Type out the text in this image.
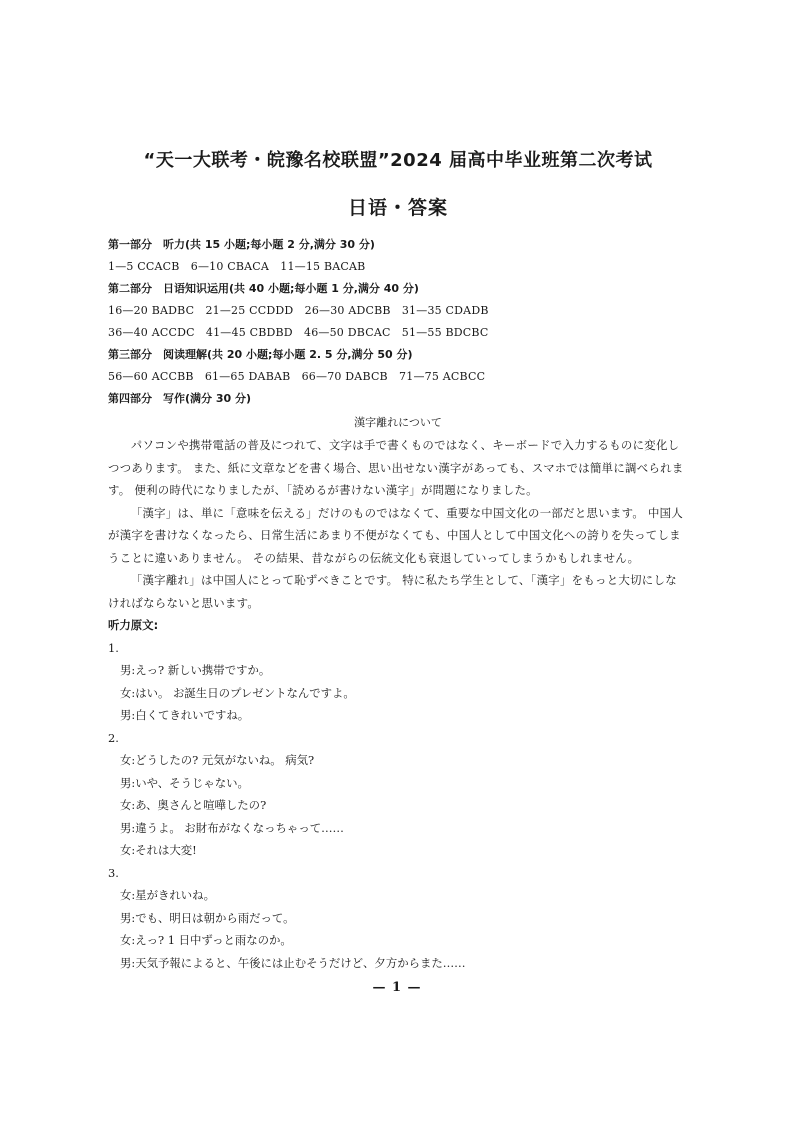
“天一大联考・皖豫名校联盟”2024 届高中毕业班第二次考试
日语・答案
第一部分　听力(共 15 小题;每小题 2 分,满分 30 分)
1—5 CCACB　6—10 CBACA　11—15 BACAB
第二部分　日语知识运用(共 40 小题;每小题 1 分,满分 40 分)
16—20 BADBC　21—25 CCDDD　26—30 ADCBB　31—35 CDADB
36—40 ACCDC　41—45 CBDBD　46—50 DBCAC　51—55 BDCBC
第三部分　阅读理解(共 20 小题;每小题 2. 5 分,满分 50 分)
56—60 ACCBB　61—65 DABAB　66—70 DABCB　71—75 ACBCC
第四部分　写作(满分 30 分)
漢字離れについて
パソコンや携帯電話の普及につれて、文字は手で書くものではなく、キーボードで入力するものに変化しつつあります。 また、紙に文章などを書く場合、思い出せない漢字があっても、スマホでは簡単に調べられます。 便利の時代になりましたが、「読めるが書けない漢字」が問題になりました。
「漢字」は、単に「意味を伝える」だけのものではなくて、重要な中国文化の一部だと思います。 中国人が漢字を書けなくなったら、日常生活にあまり不便がなくても、中国人として中国文化への誇りを失ってしまうことに違いありません。 その結果、昔ながらの伝統文化も衰退していってしまうかもしれません。
「漢字離れ」は中国人にとって恥ずべきことです。 特に私たち学生として、「漢字」をもっと大切にしなければならないと思います。
听力原文:
1.
男:えっ? 新しい携帯ですか。
女:はい。 お誕生日のプレゼントなんですよ。
男:白くてきれいですね。
2.
女:どうしたの? 元気がないね。 病気?
男:いや、そうじゃない。
女:あ、奥さんと喧嘩したの?
男:違うよ。 お財布がなくなっちゃって……
女:それは大変!
3.
女:星がきれいね。
男:でも、明日は朝から雨だって。
女:えっ? 1 日中ずっと雨なのか。
男:天気予報によると、午後には止むそうだけど、夕方からまた……
— 1 —
